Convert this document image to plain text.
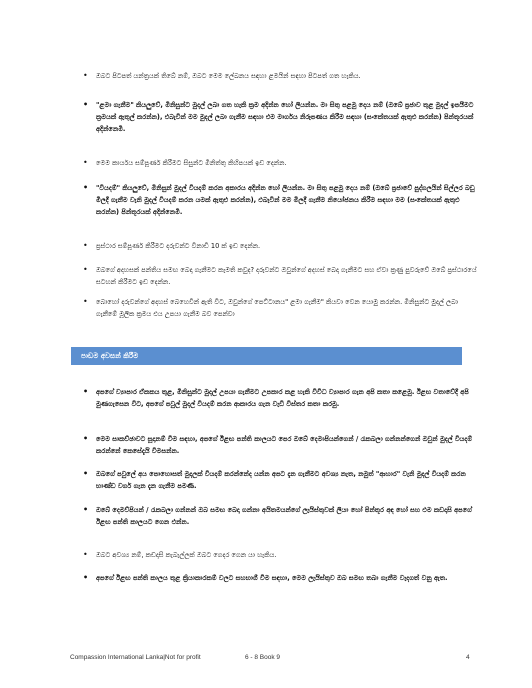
• ඔබට පිටපත් යන්ත්‍රයක් තිබේ නම්, ඔබට මෙම ලේඛනය සඳහා ළමයින් සඳහා පිටපත් ගත හැකිය.
• "ළමා ගැනීම" කියලුවේ, මිනිසුන්ට මුදල් ලබා ගත හැකි ක්‍රම අදින්න හෝ ලියන්න. මා සිතු පළමු දෙය නම් (ඔබේ ප්‍රජාව තුළ මුදල් ඉපයීමට ක්‍රමයක් ඇතුල් කරන්න), එබැවින් මම මුදල් ලබා ගැනීම සඳහා එම මාර්ගය නිරූපණය කිරීම සඳහා (සංකේතයක් ඇතුළු කරන්න) පින්තූරයක් අදින්නෙමි.
• මෙම කාර්යය සම්පූර්ණ කිරීමට සිසුන්ට මිනිත්තු කිහිපයක් ඉඩ දෙන්න.
• "වියදම්" කියලුවේ, මිනිසුන් මුදල් වියදම් කරන අකාරය අදින්න හෝ ලියන්න. මා සිතු පළමු දෙය නම් (ඔබේ ප්‍රජාවේ පුද්ගලයින් සිල්ලර බඩු මිලදී ගැනීම වැනි මුදල් වියදම් කරන යමක් ඇතුළු කරන්න), එබැවින් මම මිලදී ගැනීම නියෝජනය කිරීම සඳහා මම (සංකේතයක් ඇතුළු කරන්න) පින්තූරයක් අදින්නෙමි.
• ප්‍රස්ථාර සම්පූර්ණ කිරීමට දරුවන්ට විනාඩි 10 ක් ඉඩ දෙන්න.
• ඔබගේ අදහසක් පන්තිය සමඟ බෙදා ගැනීමට කැමති කවුද? දරුවන්ට ඔවුන්ගේ අදහස් බෙදා ගැනීමට සහ ඒවා ක්‍රණු පුවරුවේ ඔබේ ප්‍රස්ථාරයේ සටහන් කිරීමට ඉඩ දෙන්න.
• බොහෝ දරුවන්ගේ අදහස් බෙහෙවින් ඇති විට, ඔවුන්ගේ පෙට්ටානය" ළමා ගැනීම" කියවා වෙන යොමු කරන්න. මිනිසුන්ට මුදල් ලබා ගැනීමේ මූලික ක්‍රමය එය උපයා ගැනීම බව පෙන්වා
පාඩම අවසන් කිරීම
• අපගේ ව්‍යාපාර ඒකකය තුළ, මිනිසුන්ට මුදල් උපයා ගැනීමට උපකාර කළ හැකි විවිධ ව්‍යාපාර ගැන අපි කතා කළෙමු. ඊළඟ වතාවේදී අපි මුණගැසෙන විට, අපගේ පවුල් මුදල් වියදම් කරන ආකාරය ගැන වැඩි විස්තර කතා කරමු.
• මෙම සාකච්ඡාවට සූදානම් වීම සඳහා, අපගේ ඊළඟ පන්ති කාලයට පෙර ඔබේ දෙමාපියන්ගෙන් / රැකබලා ගන්නන්ගෙන් ඔවුන් මුදල් වියදම් කරන්නේ කෙසේදැයි විමසන්න.
• ඔබගේ පවුලේ අය පොහොසත් මුදලක් වියදම් කරන්නේද යන්න අපට දැන ගැනීමට අවශ්‍ය නැත, නමුත් "ආහාර" වැනි මුදල් වියදම් කරන භාණ්ඩ වර්ග ගැන දැන ගැනීම පමණි.
• ඔබේ දෙමව්පියන් / රැකබලා ගන්නන් ඔබ සමඟ බෙදා ගන්නා අයිතමයන්ගේ ලැයිස්තුවක් ලියා හෝ පින්තූර අඳ හෝ සහ එම කඩදාසි අපගේ ඊළඟ පන්ති කාලයට ගෙන එන්න.
• ඔබට අවශ්‍ය නම්, කඩදාසි කැබැල්ලක් ඔබට ගෙදර ගෙන යා හැකිය.
• අපගේ ඊළඟ පන්ති කාලය තුළ ක්‍රියාකාරකම් වලට සහභාගී වීම සඳහා, මෙම ලැයිස්තුව ඔබ සමඟ තබා ගැනීම වැදගත් වනු ඇත.
Compassion International Lanka|Not for profit	6 - 8 Book 9	4
